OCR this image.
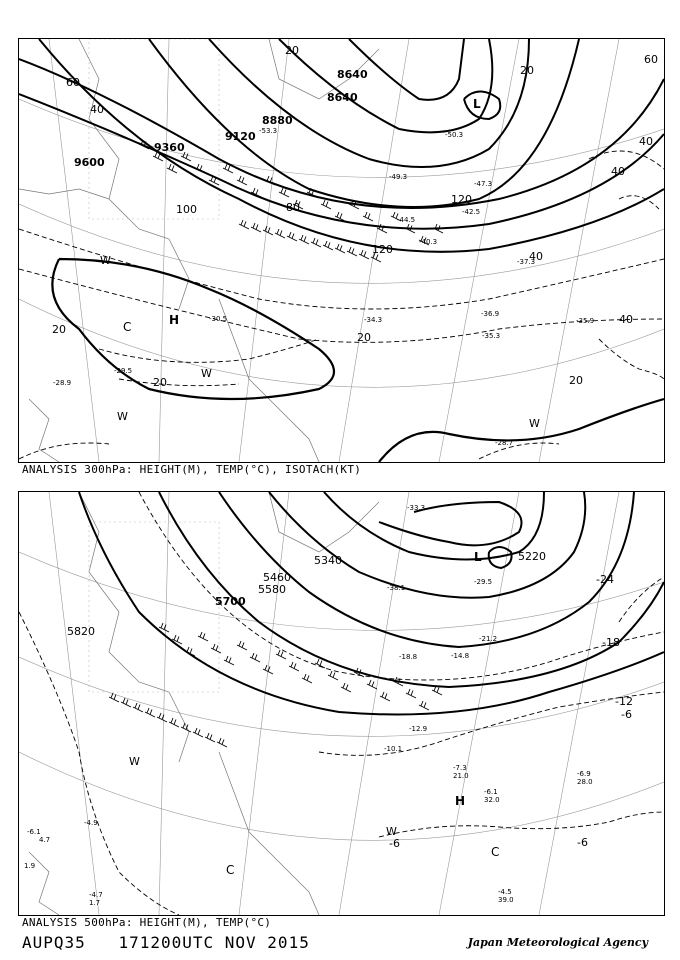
9600
9360
9120
8880
8640
8640
20
40
60
80
100
120
120
40
40
20
60
40
40
20
20
20
20
H
C
W
W
W
W
L
-28.9
-29.5
-28.7
-30.5	-34.3
-35.3
-36.9
-35.9
-37.3
-40.3
-42.5
-44.5
-47.3
-49.3
-50.3
-53.3
ANALYSIS 300hPa: HEIGHT(M), TEMP(°C), ISOTACH(KT)
5820
5700
5580
5460
5340	5220
-6	-6
-6
-12
-18
-24
H
C
C
W
W
L
-7.3
21.0
-6.1
32.0
-6.9
28.0
-4.5
39.0
-10.1
-12.9
-14.8
-18.8
-21.2
-29.5
-38.1
-33.3
-6.1
4.7
-4.9
1.9
-4.7
1.7
ANALYSIS 500hPa: HEIGHT(M), TEMP(°C)
AUPQ35 171200UTC NOV 2015	Japan Meteorological Agency
